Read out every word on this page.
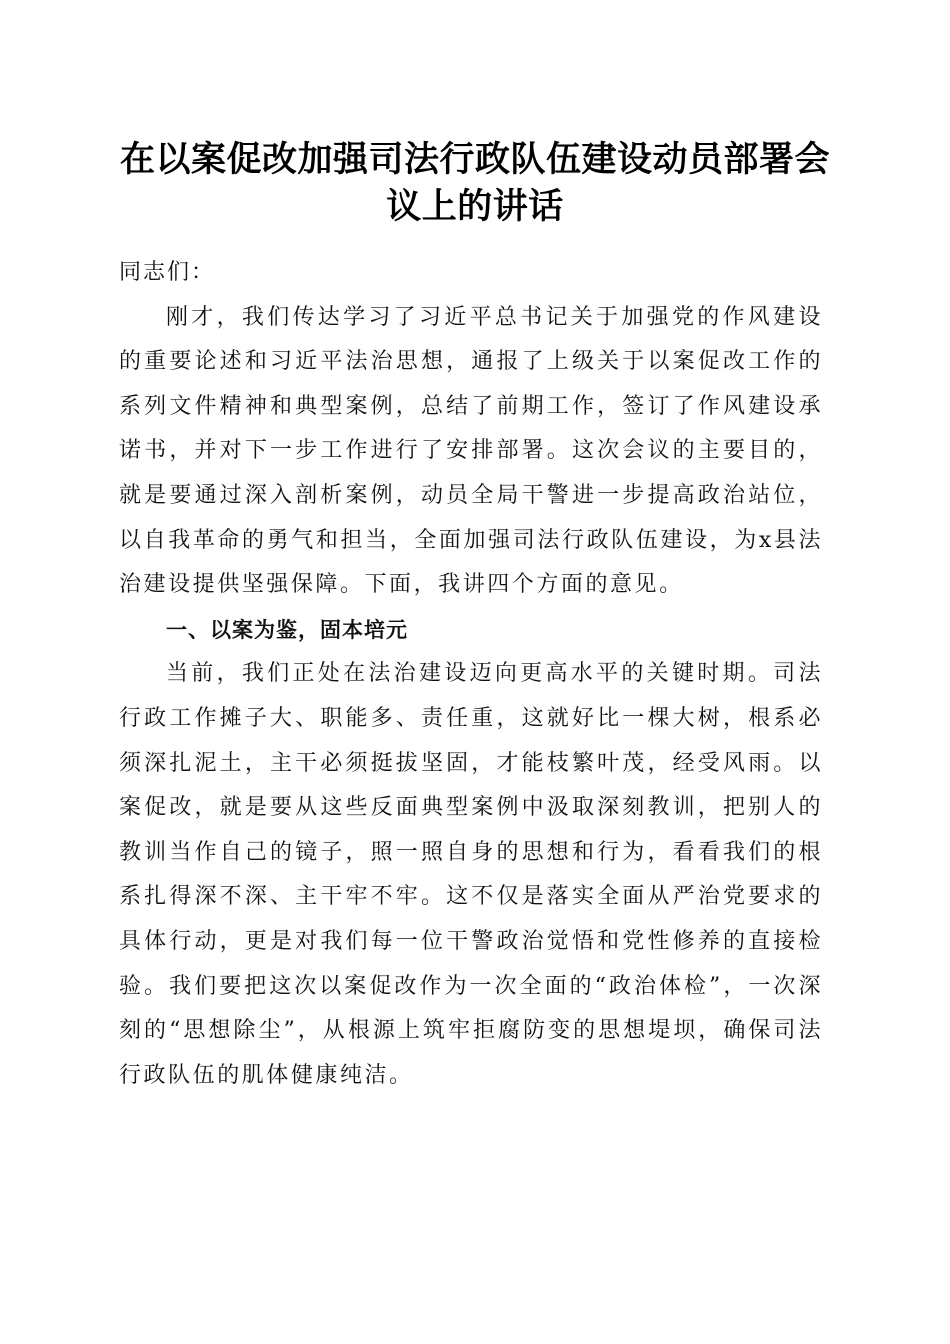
在以案促改加强司法行政队伍建设动员部署会议上的讲话

同志们：

刚才，我们传达学习了习近平总书记关于加强党的作风建设的重要论述和习近平法治思想，通报了上级关于以案促改工作的系列文件精神和典型案例，总结了前期工作，签订了作风建设承诺书，并对下一步工作进行了安排部署。这次会议的主要目的，就是要通过深入剖析案例，动员全局干警进一步提高政治站位，以自我革命的勇气和担当，全面加强司法行政队伍建设，为x县法治建设提供坚强保障。下面，我讲四个方面的意见。

一、以案为鉴，固本培元

当前，我们正处在法治建设迈向更高水平的关键时期。司法行政工作摊子大、职能多、责任重，这就好比一棵大树，根系必须深扎泥土，主干必须挺拔坚固，才能枝繁叶茂，经受风雨。以案促改，就是要从这些反面典型案例中汲取深刻教训，把别人的教训当作自己的镜子，照一照自身的思想和行为，看看我们的根系扎得深不深、主干牢不牢。这不仅是落实全面从严治党要求的具体行动，更是对我们每一位干警政治觉悟和党性修养的直接检验。我们要把这次以案促改作为一次全面的“政治体检”，一次深刻的“思想除尘”，从根源上筑牢拒腐防变的思想堤坝，确保司法行政队伍的肌体健康纯洁。
